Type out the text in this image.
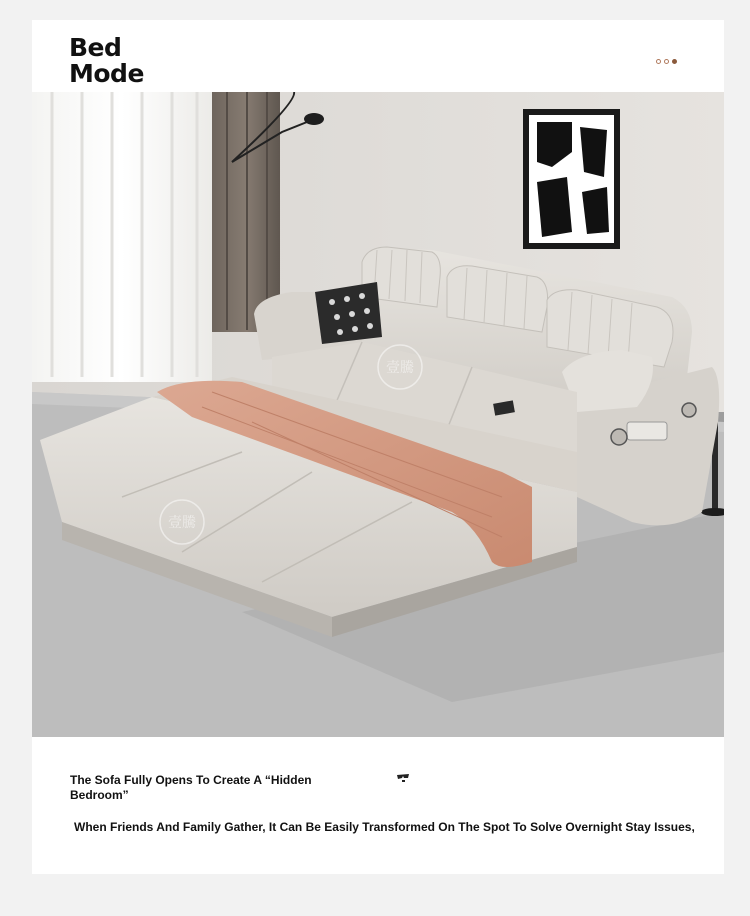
Bed
Mode
壹騰
壹騰
The Sofa Fully Opens To Create A “Hidden Bedroom”
When Friends And Family Gather, It Can Be Easily Transformed On The Spot To Solve Overnight Stay Issues,
